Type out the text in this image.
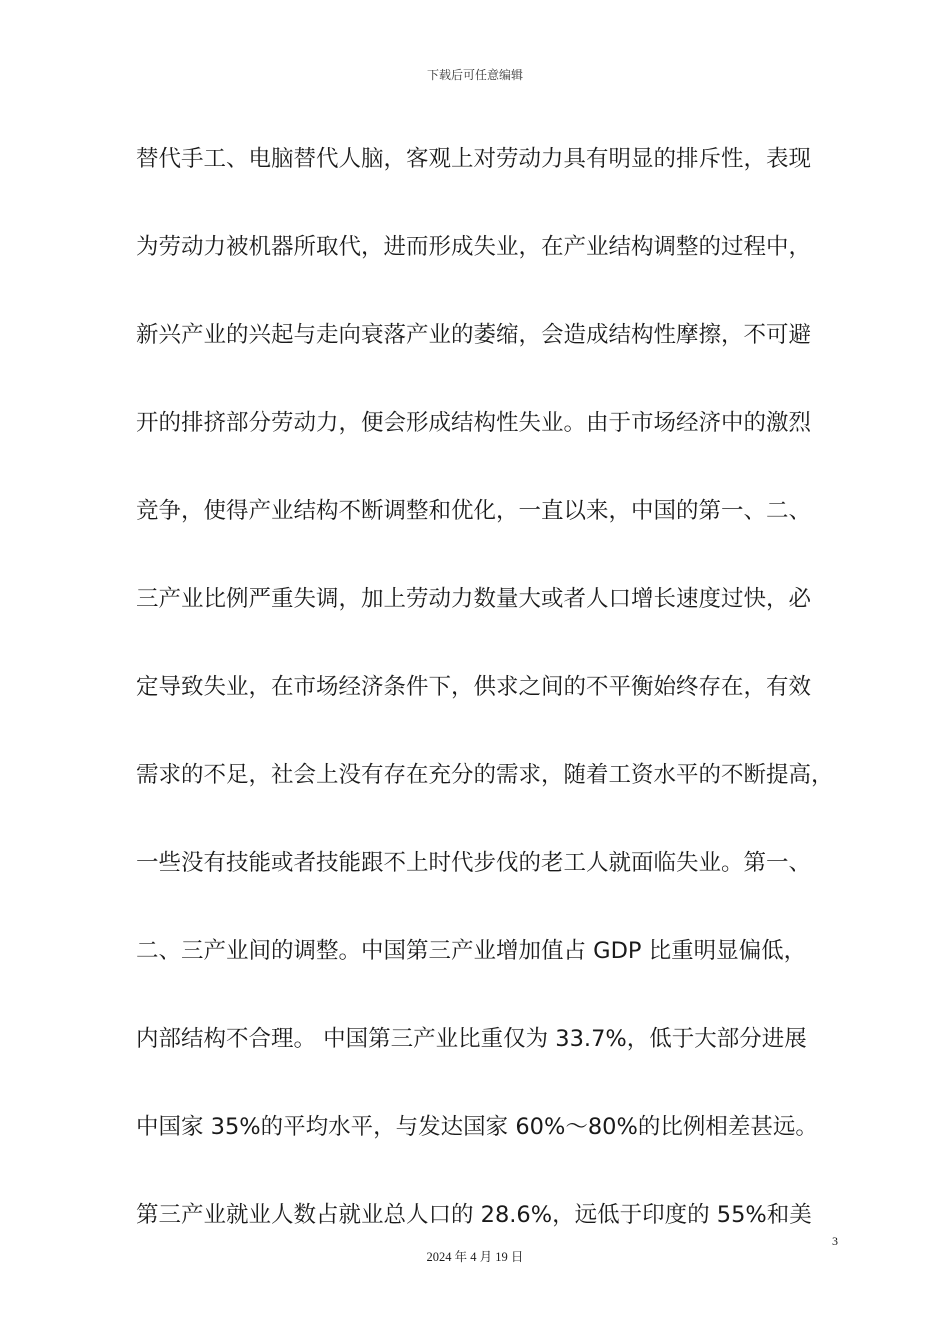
下载后可任意编辑
替代手工、电脑替代人脑，客观上对劳动力具有明显的排斥性，表现
为劳动力被机器所取代，进而形成失业，在产业结构调整的过程中，
新兴产业的兴起与走向衰落产业的萎缩，会造成结构性摩擦，不可避
开的排挤部分劳动力，便会形成结构性失业。由于市场经济中的激烈
竞争，使得产业结构不断调整和优化，一直以来，中国的第一、二、
三产业比例严重失调，加上劳动力数量大或者人口增长速度过快，必
定导致失业，在市场经济条件下，供求之间的不平衡始终存在，有效
需求的不足，社会上没有存在充分的需求，随着工资水平的不断提高，
一些没有技能或者技能跟不上时代步伐的老工人就面临失业。第一、
二、三产业间的调整。中国第三产业增加值占 GDP 比重明显偏低，
内部结构不合理。 中国第三产业比重仅为 33.7%，低于大部分进展
中国家 35%的平均水平，与发达国家 60%～80%的比例相差甚远。
第三产业就业人数占就业总人口的 28.6%，远低于印度的 55%和美
3
2024 年 4 月 19 日
